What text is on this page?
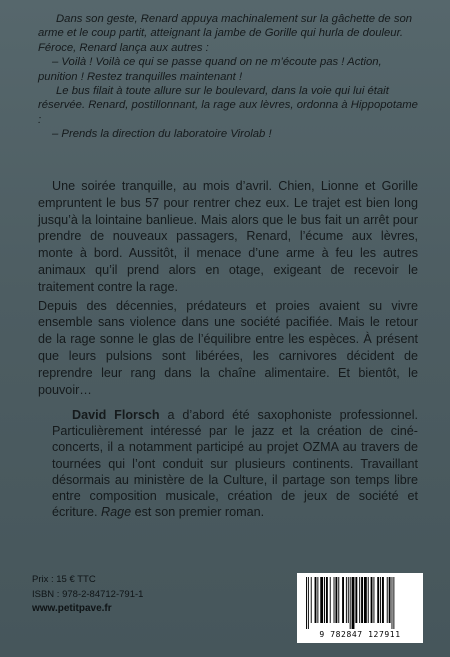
Dans son geste, Renard appuya machinalement sur la gâchette de son arme et le coup partit, atteignant la jambe de Gorille qui hurla de douleur. Féroce, Renard lança aux autres :

– Voilà ! Voilà ce qui se passe quand on ne m’écoute pas ! Action, punition ! Restez tranquilles maintenant !

Le bus filait à toute allure sur le boulevard, dans la voie qui lui était réservée. Renard, postillonnant, la rage aux lèvres, ordonna à Hippopotame :

– Prends la direction du laboratoire Virolab !

Une soirée tranquille, au mois d’avril. Chien, Lionne et Gorille empruntent le bus 57 pour rentrer chez eux. Le trajet est bien long jusqu’à la lointaine banlieue. Mais alors que le bus fait un arrêt pour prendre de nouveaux passagers, Renard, l’écume aux lèvres, monte à bord. Aussitôt, il menace d’une arme à feu les autres animaux qu’il prend alors en otage, exigeant de recevoir le traitement contre la rage.

Depuis des décennies, prédateurs et proies avaient su vivre ensemble sans violence dans une société pacifiée. Mais le retour de la rage sonne le glas de l’équilibre entre les espèces. À présent que leurs pulsions sont libérées, les carnivores décident de reprendre leur rang dans la chaîne alimentaire. Et bientôt, le pouvoir…

David Florsch a d’abord été saxophoniste professionnel. Particulièrement intéressé par le jazz et la création de ciné-concerts, il a notamment participé au projet OZMA au travers de tournées qui l’ont conduit sur plusieurs continents. Travaillant désormais au ministère de la Culture, il partage son temps libre entre composition musicale, création de jeux de société et écriture. Rage est son premier roman.

Prix : 15 € TTC
ISBN : 978-2-84712-791-1
www.petitpave.fr
9 782847 127911
